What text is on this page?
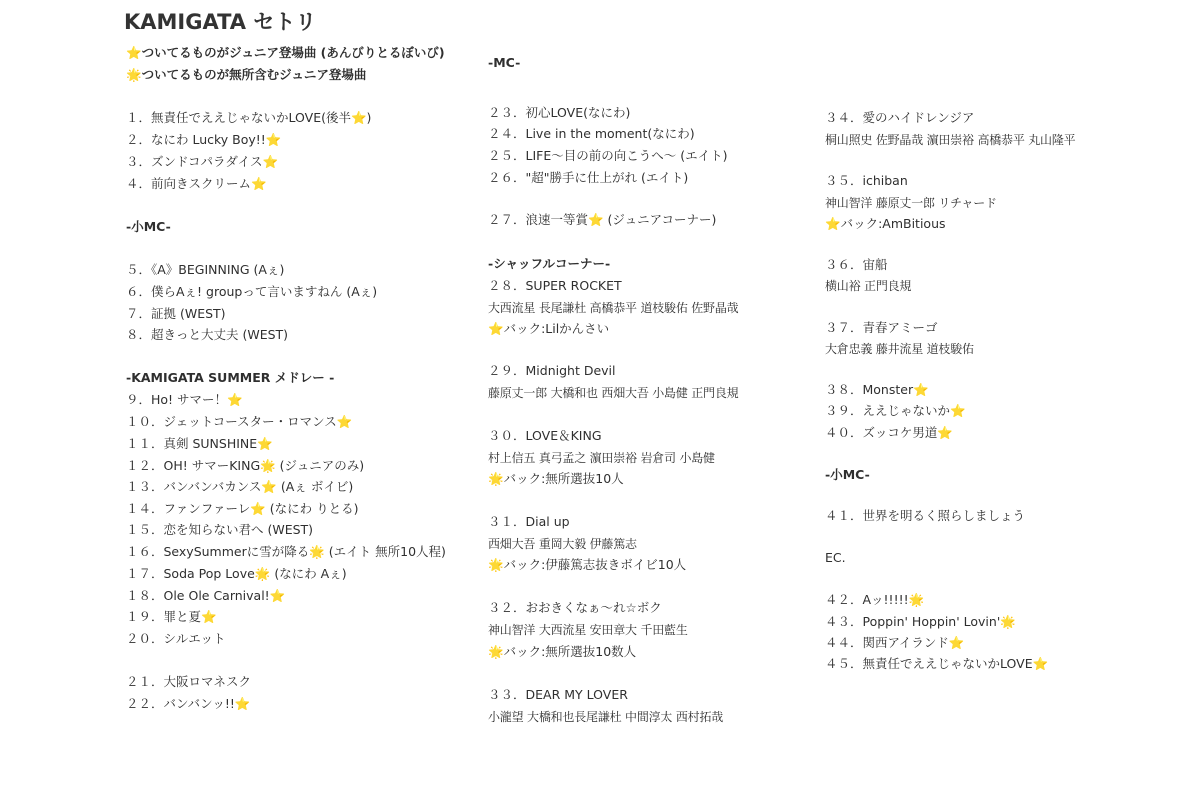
KAMIGATA セトリ
⭐ついてるものがジュニア登場曲 (あんびりとるぼいび)
🌟ついてるものが無所含むジュニア登場曲
１．無責任でええじゃないかLOVE(後半⭐)
２．なにわ Lucky Boy!!⭐
３．ズンドコパラダイス⭐
４．前向きスクリーム⭐
-小MC-
５．《A》BEGINNING (Aぇ)
６．僕らAぇ! groupって言いますねん (Aぇ)
７．証拠 (WEST)
８．超きっと大丈夫 (WEST)
-KAMIGATA SUMMER メドレー -
９．Ho! サマー！⭐
１０．ジェットコースター・ロマンス⭐
１１．真剣 SUNSHINE⭐
１２．OH! サマーKING🌟 (ジュニアのみ)
１３．バンバンバカンス⭐ (Aぇ ボイビ)
１４．ファンファーレ⭐ (なにわ りとる)
１５．恋を知らない君へ (WEST)
１６．SexySummerに雪が降る🌟 (エイト 無所10人程)
１７．Soda Pop Love🌟 (なにわ Aぇ)
１８．Ole Ole Carnival!⭐
１９．罪と夏⭐
２０．シルエット
２１．大阪ロマネスク
２２．バンバンッ!!⭐
-MC-
２３．初心LOVE(なにわ)
２４．Live in the moment(なにわ)
２５．LIFE～目の前の向こうへ～ (エイト)
２６．"超"勝手に仕上がれ (エイト)
２７．浪速一等賞⭐ (ジュニアコーナー)
-シャッフルコーナー-
２８．SUPER ROCKET
大西流星 長尾謙杜 高橋恭平 道枝駿佑 佐野晶哉
⭐バック:Lilかんさい
２９．Midnight Devil
藤原丈一郎 大橋和也 西畑大吾 小島健 正門良規
３０．LOVE＆KING
村上信五 真弓孟之 濵田崇裕 岩倉司 小島健
🌟バック:無所選抜10人
３１．Dial up
西畑大吾 重岡大毅 伊藤篤志
🌟バック:伊藤篤志抜きボイビ10人
３２．おおきくなぁ〜れ☆ボク
神山智洋 大西流星 安田章大 千田藍生
🌟バック:無所選抜10数人
３３．DEAR MY LOVER
小瀧望 大橋和也長尾謙杜 中間淳太 西村拓哉
３４．愛のハイドレンジア
桐山照史 佐野晶哉 濵田崇裕 高橋恭平 丸山隆平
３５．ichiban
神山智洋 藤原丈一郎 リチャード
⭐バック:AmBitious
３６．宙船
横山裕 正門良規
３７．青春アミーゴ
大倉忠義 藤井流星 道枝駿佑
３８．Monster⭐
３９．ええじゃないか⭐
４０．ズッコケ男道⭐
-小MC-
４１．世界を明るく照らしましょう
EC.
４２．Aッ!!!!!🌟
４３．Poppin' Hoppin' Lovin'🌟
４４．関西アイランド⭐
４５．無責任でええじゃないかLOVE⭐
